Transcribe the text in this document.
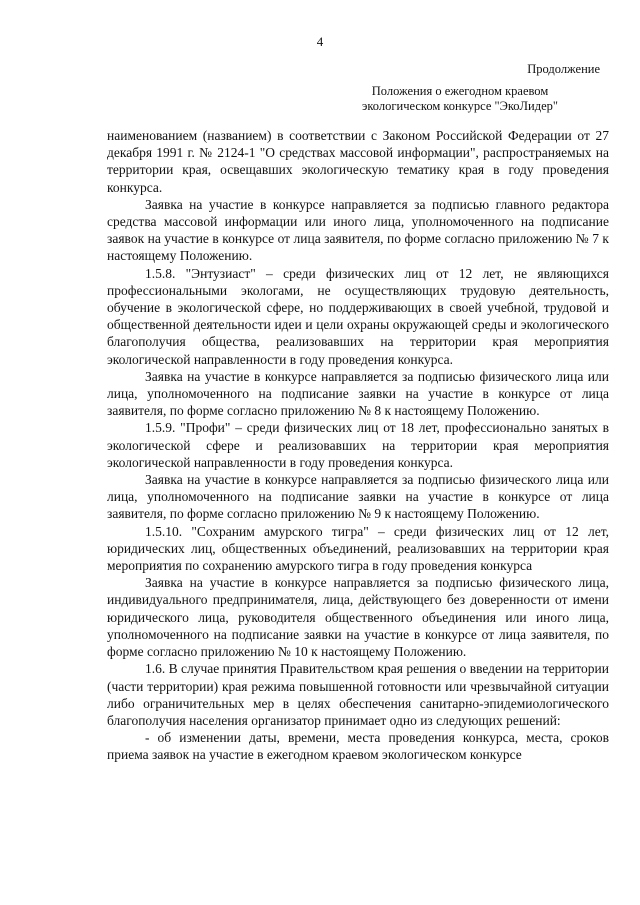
4
Продолжение
Положения о ежегодном краевом
экологическом конкурсе "ЭкоЛидер"

наименованием (названием) в соответствии с Законом Российской Федерации от 27 декабря 1991 г. № 2124-1 "О средствах массовой информации", распространяемых на территории края, освещавших экологическую тематику края в году проведения конкурса.

Заявка на участие в конкурсе направляется за подписью главного редактора средства массовой информации или иного лица, уполномоченного на подписание заявок на участие в конкурсе от лица заявителя, по форме согласно приложению № 7 к настоящему Положению.

1.5.8. "Энтузиаст" – среди физических лиц от 12 лет, не являющихся профессиональными экологами, не осуществляющих трудовую деятельность, обучение в экологической сфере, но поддерживающих в своей учебной, трудовой и общественной деятельности идеи и цели охраны окружающей среды и экологического благополучия общества, реализовавших на территории края мероприятия экологической направленности в году проведения конкурса.

Заявка на участие в конкурсе направляется за подписью физического лица или лица, уполномоченного на подписание заявки на участие в конкурсе от лица заявителя, по форме согласно приложению № 8 к настоящему Положению.

1.5.9. "Профи" – среди физических лиц от 18 лет, профессионально занятых в экологической сфере и реализовавших на территории края мероприятия экологической направленности в году проведения конкурса.

Заявка на участие в конкурсе направляется за подписью физического лица или лица, уполномоченного на подписание заявки на участие в конкурсе от лица заявителя, по форме согласно приложению № 9 к настоящему Положению.

1.5.10. "Сохраним амурского тигра" – среди физических лиц от 12 лет, юридических лиц, общественных объединений, реализовавших на территории края мероприятия по сохранению амурского тигра в году проведения конкурса

Заявка на участие в конкурсе направляется за подписью физического лица, индивидуального предпринимателя, лица, действующего без доверенности от имени юридического лица, руководителя общественного объединения или иного лица, уполномоченного на подписание заявки на участие в конкурсе от лица заявителя, по форме согласно приложению № 10 к настоящему Положению.

1.6. В случае принятия Правительством края решения о введении на территории (части территории) края режима повышенной готовности или чрезвычайной ситуации либо ограничительных мер в целях обеспечения санитарно-эпидемиологического благополучия населения организатор принимает одно из следующих решений:

- об изменении даты, времени, места проведения конкурса, места, сроков приема заявок на участие в ежегодном краевом экологическом конкурсе
